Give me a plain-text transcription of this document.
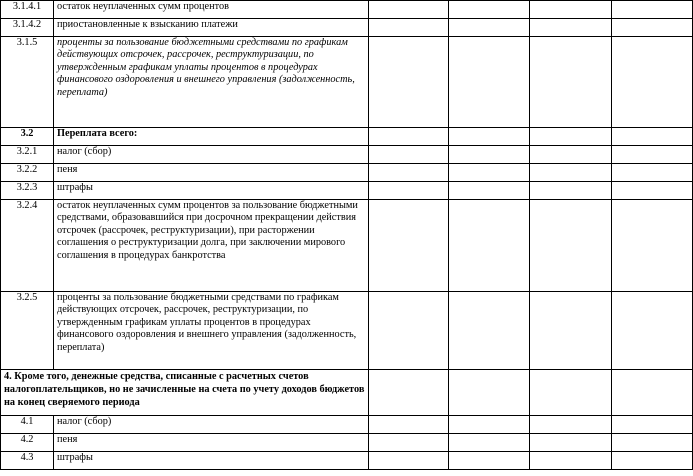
3.1.4.1	остаток неуплаченных сумм процентов					
3.1.4.2	приостановленные к взысканию платежи					
3.1.5	проценты за пользование бюджетными средствами по графикам действующих отсрочек, рассрочек, реструктуризации, по утвержденным графикам уплаты процентов в процедурах финансового оздоровления и внешнего управления (задолженность, переплата)					
3.2	Переплата всего:					
3.2.1	налог (сбор)					
3.2.2	пеня					
3.2.3	штрафы					
3.2.4	остаток неуплаченных сумм процентов за пользование бюджетными средствами, образовавшийся при досрочном прекращении действия отсрочек (рассрочек, реструктуризации), при расторжении соглашения о реструктуризации долга, при заключении мирового соглашения в процедурах банкротства					
3.2.5	проценты за пользование бюджетными средствами по графикам действующих отсрочек, рассрочек, реструктуризации, по утвержденным графикам уплаты процентов в процедурах финансового оздоровления и внешнего управления (задолженность, переплата)					
4. Кроме того, денежные средства, списанные с расчетных счетов налогоплательщиков, но не зачисленные на счета по учету доходов бюджетов на конец сверяемого периода						
4.1	налог (сбор)					
4.2	пеня					
4.3	штрафы					
